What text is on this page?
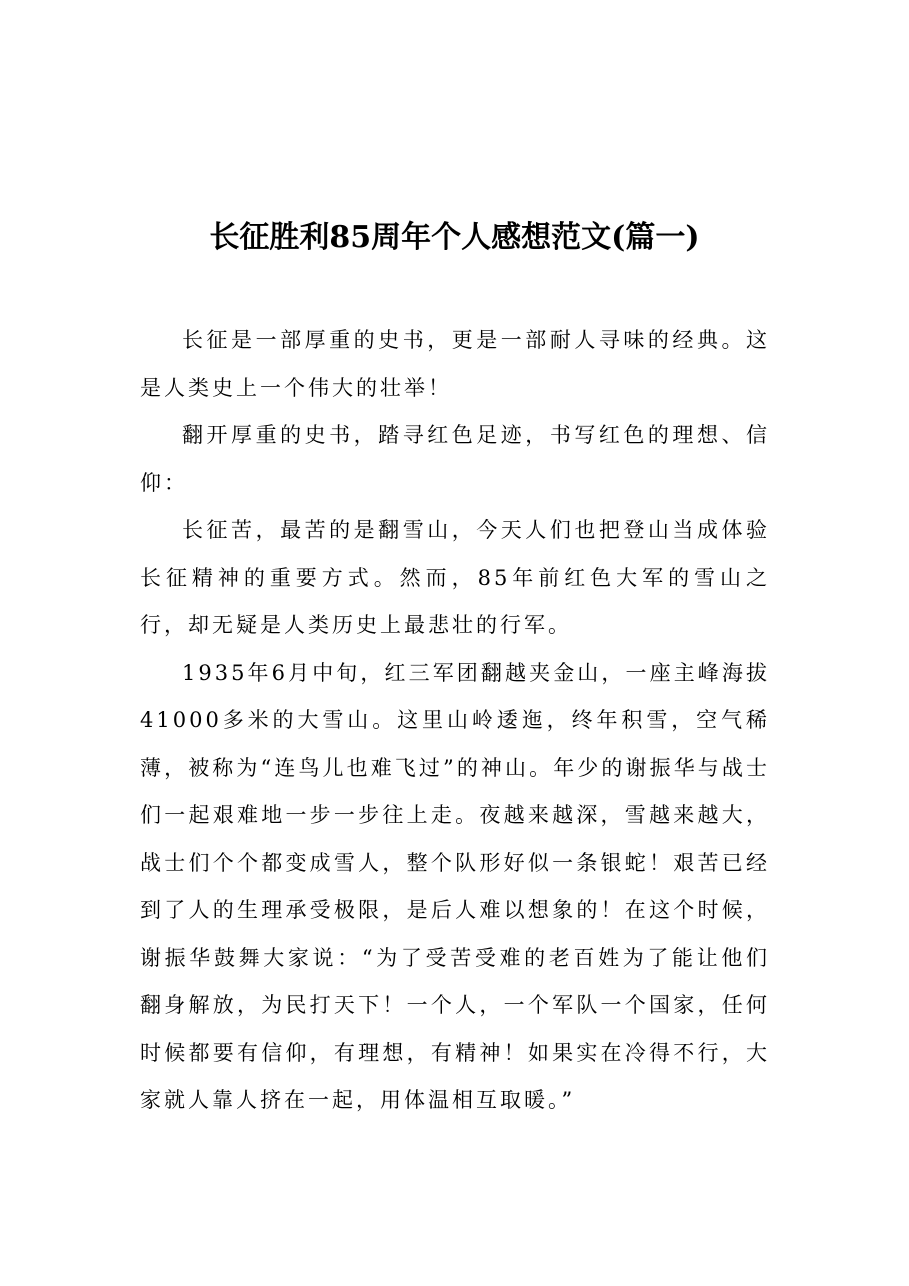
长征胜利85周年个人感想范文(篇一)

长征是一部厚重的史书，更是一部耐人寻味的经典。这是人类史上一个伟大的壮举！

翻开厚重的史书，踏寻红色足迹，书写红色的理想、信仰：

长征苦，最苦的是翻雪山，今天人们也把登山当成体验长征精神的重要方式。然而，85年前红色大军的雪山之行，却无疑是人类历史上最悲壮的行军。

1935年6月中旬，红三军团翻越夹金山，一座主峰海拔41000多米的大雪山。这里山岭逶迤，终年积雪，空气稀薄，被称为“连鸟儿也难飞过”的神山。年少的谢振华与战士们一起艰难地一步一步往上走。夜越来越深，雪越来越大，战士们个个都变成雪人，整个队形好似一条银蛇！艰苦已经到了人的生理承受极限，是后人难以想象的！在这个时候，谢振华鼓舞大家说：“为了受苦受难的老百姓为了能让他们翻身解放，为民打天下！一个人，一个军队一个国家，任何时候都要有信仰，有理想，有精神！如果实在冷得不行，大家就人靠人挤在一起，用体温相互取暖。”
